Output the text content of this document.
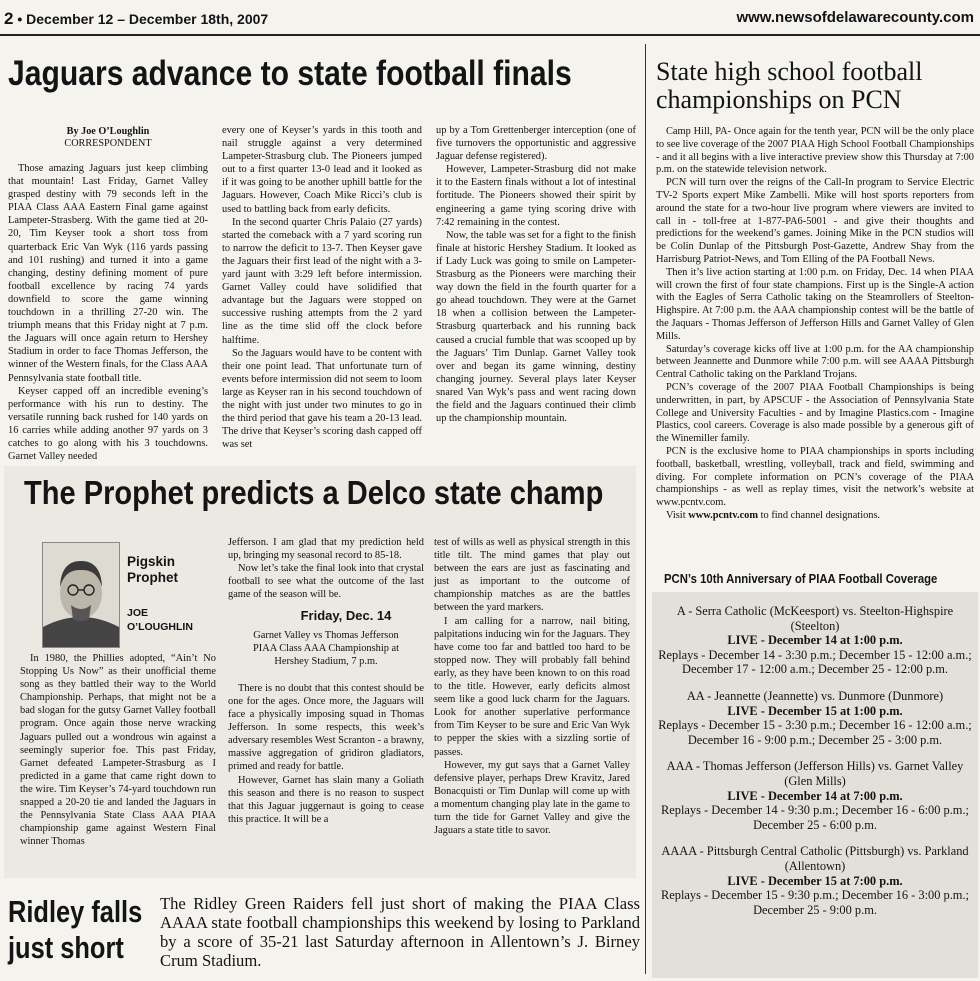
2 • December 12 – December 18th, 2007	www.newsofdelawarecounty.com
Jaguars advance to state football finals
By Joe O’Loughlin
CORRESPONDENT

Those amazing Jaguars just keep climbing that mountain! Last Friday, Garnet Valley grasped destiny with 79 seconds left in the PIAA Class AAA Eastern Final game against Lampeter-Strasberg. With the game tied at 20-20, Tim Keyser took a short toss from quarterback Eric Van Wyk (116 yards passing and 101 rushing) and turned it into a game changing, destiny defining moment of pure football excellence by racing 74 yards downfield to score the game winning touchdown in a thrilling 27-20 win. The triumph means that this Friday night at 7 p.m. the Jaguars will once again return to Hershey Stadium in order to face Thomas Jefferson, the winner of the Western finals, for the Class AAA Pennsylvania state football title.

Keyser capped off an incredible evening’s performance with his run to destiny. The versatile running back rushed for 140 yards on 16 carries while adding another 97 yards on 3 catches to go along with his 3 touchdowns. Garnet Valley needed

every one of Keyser’s yards in this tooth and nail struggle against a very determined Lampeter-Strasburg club. The Pioneers jumped out to a first quarter 13-0 lead and it looked as if it was going to be another uphill battle for the Jaguars. However, Coach Mike Ricci’s club is used to battling back from early deficits.

In the second quarter Chris Palaio (27 yards) started the comeback with a 7 yard scoring run to narrow the deficit to 13-7. Then Keyser gave the Jaguars their first lead of the night with a 3-yard jaunt with 3:29 left before intermission. Garnet Valley could have solidified that advantage but the Jaguars were stopped on successive rushing attempts from the 2 yard line as the time slid off the clock before halftime.

So the Jaguars would have to be content with their one point lead. That unfortunate turn of events before intermission did not seem to loom large as Keyser ran in his second touchdown of the night with just under two minutes to go in the third period that gave his team a 20-13 lead. The drive that Keyser’s scoring dash capped off was set

up by a Tom Grettenberger interception (one of five turnovers the opportunistic and aggressive Jaguar defense registered).

However, Lampeter-Strasburg did not make it to the Eastern finals without a lot of intestinal fortitude. The Pioneers showed their spirit by engineering a game tying scoring drive with 7:42 remaining in the contest.

Now, the table was set for a fight to the finish finale at historic Hershey Stadium. It looked as if Lady Luck was going to smile on Lampeter-Strasburg as the Pioneers were marching their way down the field in the fourth quarter for a go ahead touchdown. They were at the Garnet 18 when a collision between the Lampeter-Strasburg quarterback and his running back caused a crucial fumble that was scooped up by the Jaguars’ Tim Dunlap. Garnet Valley took over and began its game winning, destiny changing journey. Several plays later Keyser snared Van Wyk’s pass and went racing down the field and the Jaguars continued their climb up the championship mountain.

The Prophet predicts a Delco state champ
Pigskin
Prophet
JOE
O’LOUGHLIN

In 1980, the Phillies adopted, “Ain’t No Stopping Us Now” as their unofficial theme song as they battled their way to the World Championship. Perhaps, that might not be a bad slogan for the gutsy Garnet Valley football program. Once again those nerve wracking Jaguars pulled out a wondrous win against a seemingly superior foe. This past Friday, Garnet defeated Lampeter-Strasburg as I predicted in a game that came right down to the wire. Tim Keyser’s 74-yard touchdown run snapped a 20-20 tie and landed the Jaguars in the Pennsylvania State Class AAA PIAA championship game against Western Final winner Thomas

Jefferson. I am glad that my prediction held up, bringing my seasonal record to 85-18.

Now let’s take the final look into that crystal football to see what the outcome of the last game of the season will be.

Friday, Dec. 14

Garnet Valley vs Thomas Jefferson PIAA Class AAA Championship at Hershey Stadium, 7 p.m.

There is no doubt that this contest should be one for the ages. Once more, the Jaguars will face a physically imposing squad in Thomas Jefferson. In some respects, this week’s adversary resembles West Scranton - a brawny, massive aggregation of gridiron gladiators, primed and ready for battle.

However, Garnet has slain many a Goliath this season and there is no reason to suspect that this Jaguar juggernaut is going to cease this practice. It will be a

test of wills as well as physical strength in this title tilt. The mind games that play out between the ears are just as fascinating and just as important to the outcome of championship matches as are the battles between the yard markers.

I am calling for a narrow, nail biting, palpitations inducing win for the Jaguars. They have come too far and battled too hard to be stopped now. They will probably fall behind early, as they have been known to on this road to the title. However, early deficits almost seem like a good luck charm for the Jaguars. Look for another superlative performance from Tim Keyser to be sure and Eric Van Wyk to pepper the skies with a sizzling sortie of passes.

However, my gut says that a Garnet Valley defensive player, perhaps Drew Kravitz, Jared Bonacquisti or Tim Dunlap will come up with a momentum changing play late in the game to turn the tide for Garnet Valley and give the Jaguars a state title to savor.

Ridley falls
just short
The Ridley Green Raiders fell just short of making the PIAA Class AAAA state football championships this weekend by losing to Parkland by a score of 35-21 last Saturday afternoon in Allentown’s J. Birney Crum Stadium.
State high school football championships on PCN

Camp Hill, PA- Once again for the tenth year, PCN will be the only place to see live coverage of the 2007 PIAA High School Football Championships - and it all begins with a live interactive preview show this Thursday at 7:00 p.m. on the statewide television network.

PCN will turn over the reigns of the Call-In program to Service Electric TV-2 Sports expert Mike Zambelli. Mike will host sports reporters from around the state for a two-hour live program where viewers are invited to call in - toll-free at 1-877-PA6-5001 - and give their thoughts and predictions for the weekend’s games. Joining Mike in the PCN studios will be Colin Dunlap of the Pittsburgh Post-Gazette, Andrew Shay from the Harrisburg Patriot-News, and Tom Elling of the PA Football News.

Then it’s live action starting at 1:00 p.m. on Friday, Dec. 14 when PIAA will crown the first of four state champions. First up is the Single-A action with the Eagles of Serra Catholic taking on the Steamrollers of Steelton-Highspire. At 7:00 p.m. the AAA championship contest will be the battle of the Jaquars - Thomas Jefferson of Jefferson Hills and Garnet Valley of Glen Mills.

Saturday’s coverage kicks off live at 1:00 p.m. for the AA championship between Jeannette and Dunmore while 7:00 p.m. will see AAAA Pittsburgh Central Catholic taking on the Parkland Trojans.

PCN’s coverage of the 2007 PIAA Football Championships is being underwritten, in part, by APSCUF - the Association of Pennsylvania State College and University Faculties - and by Imagine Plastics.com - Imagine Plastics, cool careers. Coverage is also made possible by a generous gift of the Winemiller family.

PCN is the exclusive home to PIAA championships in sports including football, basketball, wrestling, volleyball, track and field, swimming and diving. For complete information on PCN’s coverage of the PIAA championships - as well as replay times, visit the network’s website at www.pcntv.com.

Visit www.pcntv.com to find channel designations.

PCN’s 10th Anniversary of PIAA Football Coverage
A - Serra Catholic (McKeesport) vs. Steelton-Highspire (Steelton)
LIVE - December 14 at 1:00 p.m.
Replays - December 14 - 3:30 p.m.; December 15 - 12:00 a.m.; December 17 - 12:00 a.m.; December 25 - 12:00 p.m.
AA - Jeannette (Jeannette) vs. Dunmore (Dunmore)
LIVE - December 15 at 1:00 p.m.
Replays - December 15 - 3:30 p.m.; December 16 - 12:00 a.m.; December 16 - 9:00 p.m.; December 25 - 3:00 p.m.
AAA - Thomas Jefferson (Jefferson Hills) vs. Garnet Valley (Glen Mills)
LIVE - December 14 at 7:00 p.m.
Replays - December 14 - 9:30 p.m.; December 16 - 6:00 p.m.; December 25 - 6:00 p.m.
AAAA - Pittsburgh Central Catholic (Pittsburgh) vs. Parkland (Allentown)
LIVE - December 15 at 7:00 p.m.
Replays - December 15 - 9:30 p.m.; December 16 - 3:00 p.m.; December 25 - 9:00 p.m.
